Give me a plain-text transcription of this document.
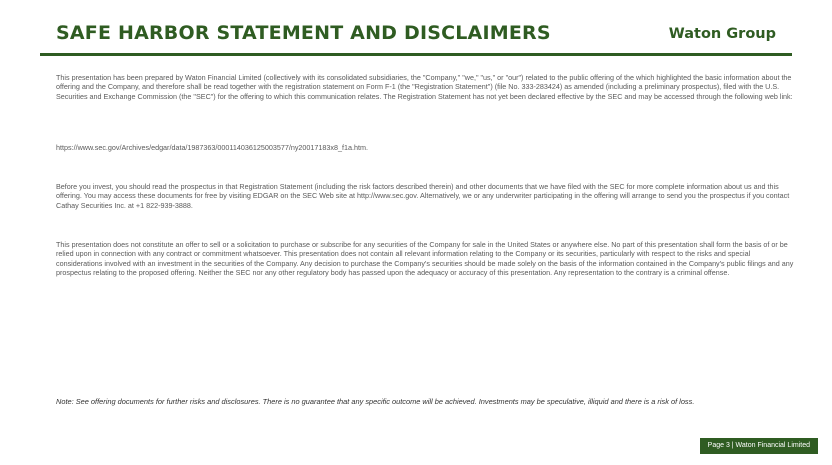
SAFE HARBOR STATEMENT AND DISCLAIMERS	Waton Group

This presentation has been prepared by Waton Financial Limited (collectively with its consolidated subsidiaries, the "Company," "we," "us," or "our") related to the public offering of the which highlighted the basic information about the offering and the Company, and therefore shall be read together with the registration statement on Form F-1 (the "Registration Statement") (file No. 333-283424) as amended (including a preliminary prospectus), filed with the U.S. Securities and Exchange Commission (the "SEC") for the offering to which this communication relates. The Registration Statement has not yet been declared effective by the SEC and may be accessed through the following web link:

https://www.sec.gov/Archives/edgar/data/1987363/000114036125003577/ny20017183x8_f1a.htm.

Before you invest, you should read the prospectus in that Registration Statement (including the risk factors described therein) and other documents that we have filed with the SEC for more complete information about us and this offering. You may access these documents for free by visiting EDGAR on the SEC Web site at http://www.sec.gov. Alternatively, we or any underwriter participating in the offering will arrange to send you the prospectus if you contact Cathay Securities Inc. at +1 822-939-3888.

This presentation does not constitute an offer to sell or a solicitation to purchase or subscribe for any securities of the Company for sale in the United States or anywhere else. No part of this presentation shall form the basis of or be relied upon in connection with any contract or commitment whatsoever. This presentation does not contain all relevant information relating to the Company or its securities, particularly with respect to the risks and special considerations involved with an investment in the securities of the Company. Any decision to purchase the Company's securities should be made solely on the basis of the information contained in the Company's public filings and any prospectus relating to the proposed offering. Neither the SEC nor any other regulatory body has passed upon the adequacy or accuracy of this presentation. Any representation to the contrary is a criminal offense.

Note: See offering documents for further risks and disclosures. There is no guarantee that any specific outcome will be achieved. Investments may be speculative, illiquid and there is a risk of loss.

Page 3 | Waton Financial Limited
